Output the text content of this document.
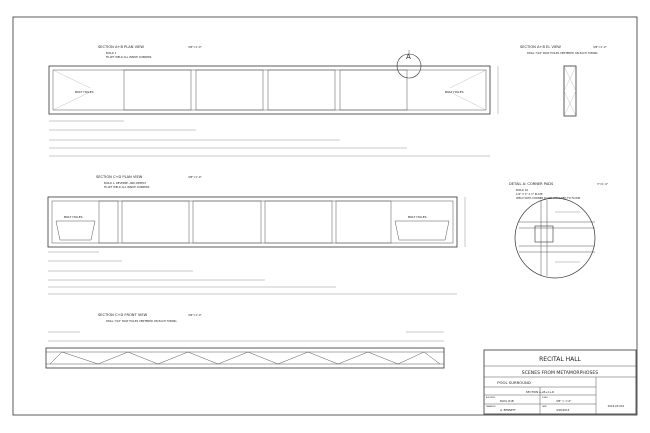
SECTION A+B PLAN VIEW	3/8"=1'-0"
BUILD 1
FILLET WELD ALL INSIDE CORNERS
BOLT HOLES	BOLT HOLES
A
SECTION A+B EL VIEW	3/8"=1'-0"
DRILL 7/16" BOLT HOLES CENTERED ON EACH TUBING
SECTION C+D PLAN VIEW	3/8"=1'-0"
BUILD 1, REVERSE, AND REPEAT
FILLET WELD ALL INSIDE CORNERS
BOLT HOLES	BOLT HOLES
DETAIL A: CORNER PADS	3"=1'-0"
BUILD 16
1/4" X 3" X 3" PLATE
WELD WITH CORNER PLATE ATTACHED TO FLOOR
SECTION C+D FRONT VIEW	3/8"=1'-0"
DRILL 7/16" BOLT HOLES CENTERED ON EACH TUBING
RECITAL HALL
SCENES FROM METAMORPHOSES
POOL SURROUND
SECTION A+B+C+D
BUILDING
BLDG #1B
SCALE
3/8" = 1'-0"
DRAWN BY
G. BENNETT
DATE
3/28/2016
2016-03-001
